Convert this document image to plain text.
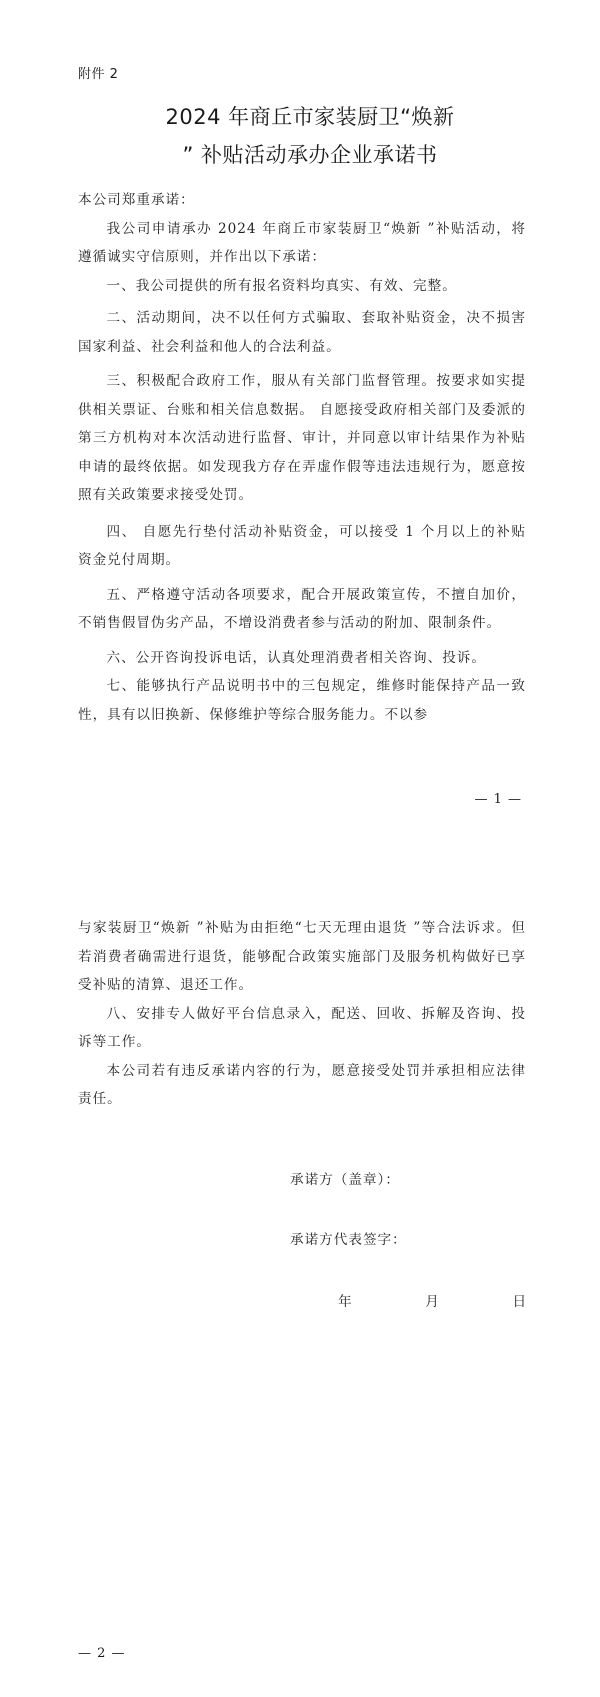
附件 2
2024 年商丘市家装厨卫“焕新
” 补贴活动承办企业承诺书

本公司郑重承诺：

我公司申请承办 2024 年商丘市家装厨卫“焕新 ”补贴活动，将遵循诚实守信原则，并作出以下承诺：

一、我公司提供的所有报名资料均真实、有效、完整。

二、活动期间，决不以任何方式骗取、套取补贴资金，决不损害国家利益、社会利益和他人的合法利益。

三、积极配合政府工作，服从有关部门监督管理。按要求如实提供相关票证、台账和相关信息数据。 自愿接受政府相关部门及委派的第三方机构对本次活动进行监督、审计，并同意以审计结果作为补贴申请的最终依据。如发现我方存在弄虚作假等违法违规行为，愿意按照有关政策要求接受处罚。

四、 自愿先行垫付活动补贴资金，可以接受 1 个月以上的补贴资金兑付周期。

五、严格遵守活动各项要求，配合开展政策宣传，不擅自加价，不销售假冒伪劣产品，不增设消费者参与活动的附加、限制条件。

六、公开咨询投诉电话，认真处理消费者相关咨询、投诉。

七、能够执行产品说明书中的三包规定，维修时能保持产品一致性，具有以旧换新、保修维护等综合服务能力。不以参

— 1 —

与家装厨卫“焕新 ”补贴为由拒绝“七天无理由退货 ”等合法诉求。但若消费者确需进行退货，能够配合政策实施部门及服务机构做好已享受补贴的清算、退还工作。

八、安排专人做好平台信息录入，配送、回收、拆解及咨询、投诉等工作。

本公司若有违反承诺内容的行为，愿意接受处罚并承担相应法律责任。

承诺方（盖章）：
承诺方代表签字：
年	月	日
— 2 —
